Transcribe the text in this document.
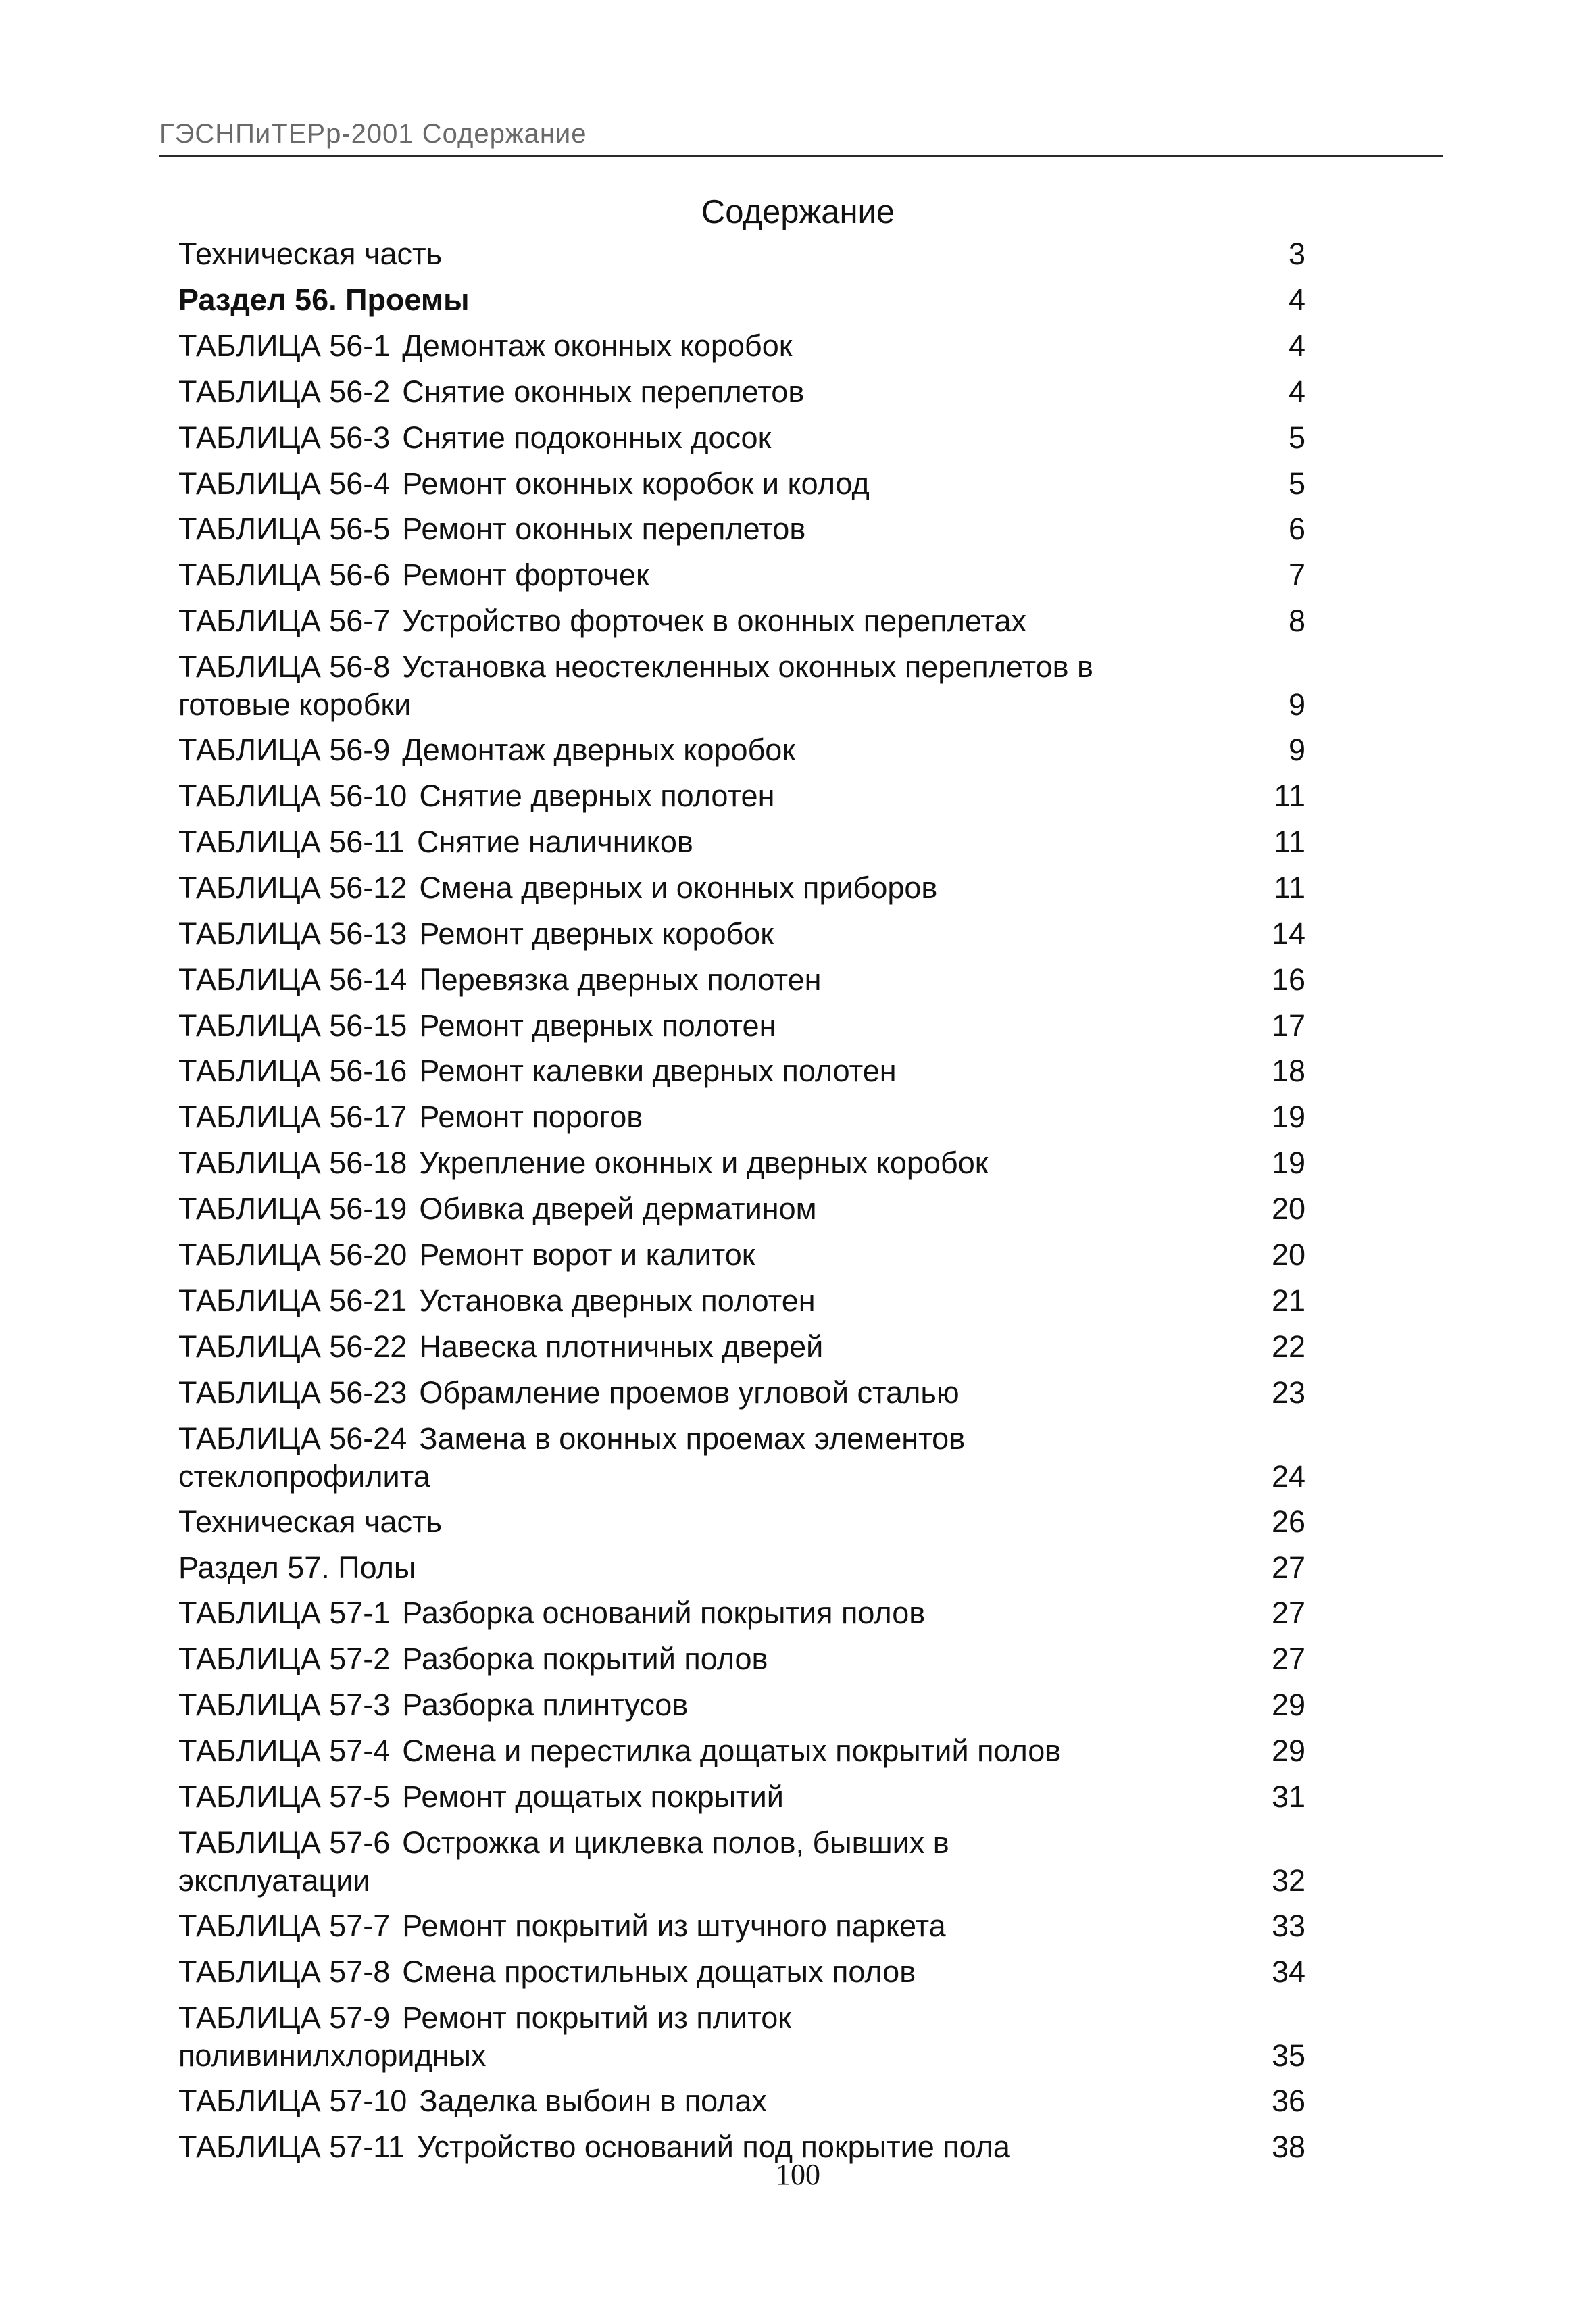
ГЭСНПиТЕРр-2001 Содержание
Содержание
Техническая часть	3
Раздел 56. Проемы	4
ТАБЛИЦА 56-1 Демонтаж оконных коробок	4
ТАБЛИЦА 56-2 Снятие оконных переплетов	4
ТАБЛИЦА 56-3 Снятие подоконных досок	5
ТАБЛИЦА 56-4 Ремонт оконных коробок и колод	5
ТАБЛИЦА 56-5 Ремонт оконных переплетов	6
ТАБЛИЦА 56-6 Ремонт форточек	7
ТАБЛИЦА 56-7 Устройство форточек в оконных переплетах	8
ТАБЛИЦА 56-8 Установка неостекленных оконных переплетов в
готовые коробки	9
ТАБЛИЦА 56-9 Демонтаж дверных коробок	9
ТАБЛИЦА 56-10 Снятие дверных полотен	11
ТАБЛИЦА 56-11 Снятие наличников	11
ТАБЛИЦА 56-12 Смена дверных и оконных приборов	11
ТАБЛИЦА 56-13 Ремонт дверных коробок	14
ТАБЛИЦА 56-14 Перевязка дверных полотен	16
ТАБЛИЦА 56-15 Ремонт дверных полотен	17
ТАБЛИЦА 56-16 Ремонт калевки дверных полотен	18
ТАБЛИЦА 56-17 Ремонт порогов	19
ТАБЛИЦА 56-18 Укрепление оконных и дверных коробок	19
ТАБЛИЦА 56-19 Обивка дверей дерматином	20
ТАБЛИЦА 56-20 Ремонт ворот и калиток	20
ТАБЛИЦА 56-21 Установка дверных полотен	21
ТАБЛИЦА 56-22 Навеска плотничных дверей	22
ТАБЛИЦА 56-23 Обрамление проемов угловой сталью	23
ТАБЛИЦА 56-24 Замена в оконных проемах элементов
стеклопрофилита	24
Техническая часть	26
Раздел 57. Полы	27
ТАБЛИЦА 57-1 Разборка оснований покрытия полов	27
ТАБЛИЦА 57-2 Разборка покрытий полов	27
ТАБЛИЦА 57-3 Разборка плинтусов	29
ТАБЛИЦА 57-4 Смена и перестилка дощатых покрытий полов	29
ТАБЛИЦА 57-5 Ремонт дощатых покрытий	31
ТАБЛИЦА 57-6 Острожка и циклевка полов, бывших в
эксплуатации	32
ТАБЛИЦА 57-7 Ремонт покрытий из штучного паркета	33
ТАБЛИЦА 57-8 Смена простильных дощатых полов	34
ТАБЛИЦА 57-9 Ремонт покрытий из плиток
поливинилхлоридных	35
ТАБЛИЦА 57-10 Заделка выбоин в полах	36
ТАБЛИЦА 57-11 Устройство оснований под покрытие пола	38
100
